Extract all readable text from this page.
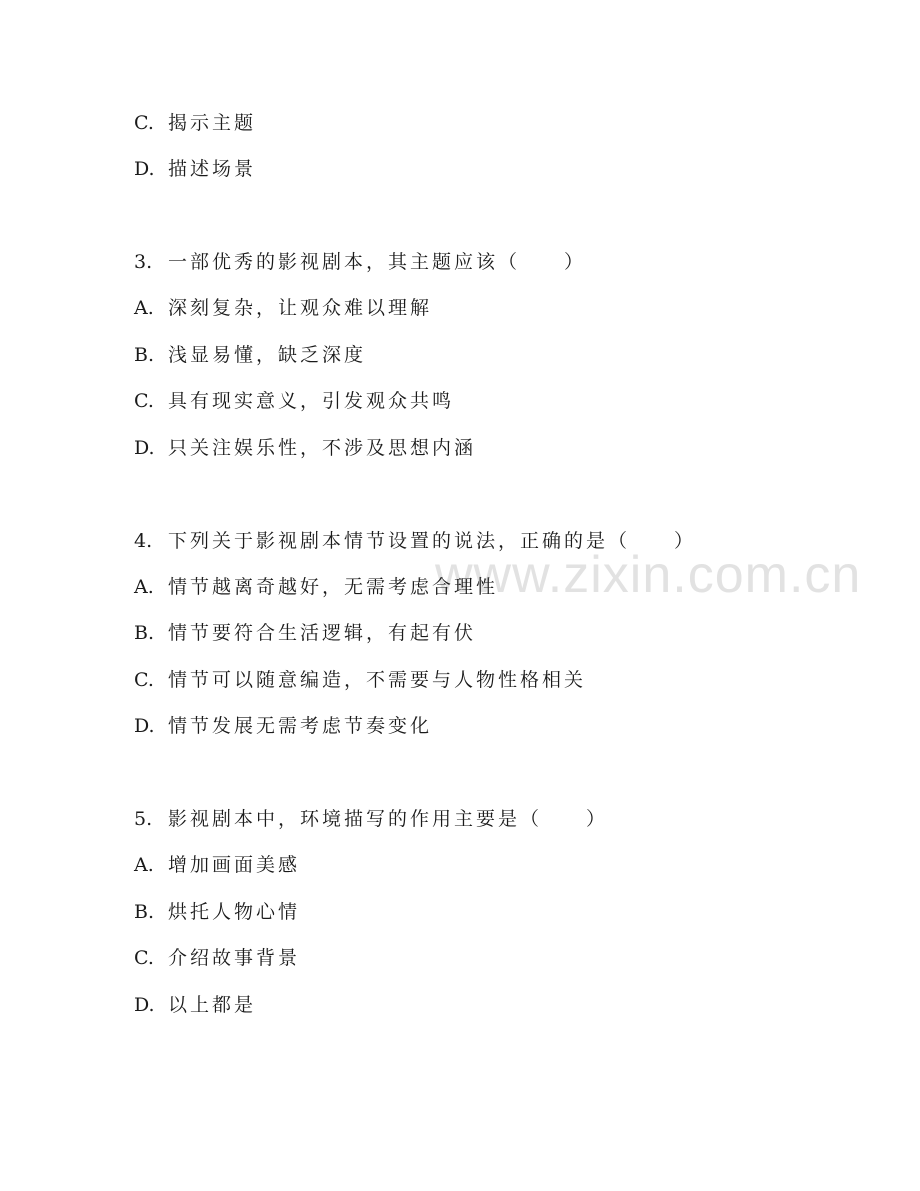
www.zixin.com.cn
C. 揭示主题
D. 描述场景
3. 一部优秀的影视剧本，其主题应该（　　）
A. 深刻复杂，让观众难以理解
B. 浅显易懂，缺乏深度
C. 具有现实意义，引发观众共鸣
D. 只关注娱乐性，不涉及思想内涵
4. 下列关于影视剧本情节设置的说法，正确的是（　　）
A. 情节越离奇越好，无需考虑合理性
B. 情节要符合生活逻辑，有起有伏
C. 情节可以随意编造，不需要与人物性格相关
D. 情节发展无需考虑节奏变化
5. 影视剧本中，环境描写的作用主要是（　　）
A. 增加画面美感
B. 烘托人物心情
C. 介绍故事背景
D. 以上都是
